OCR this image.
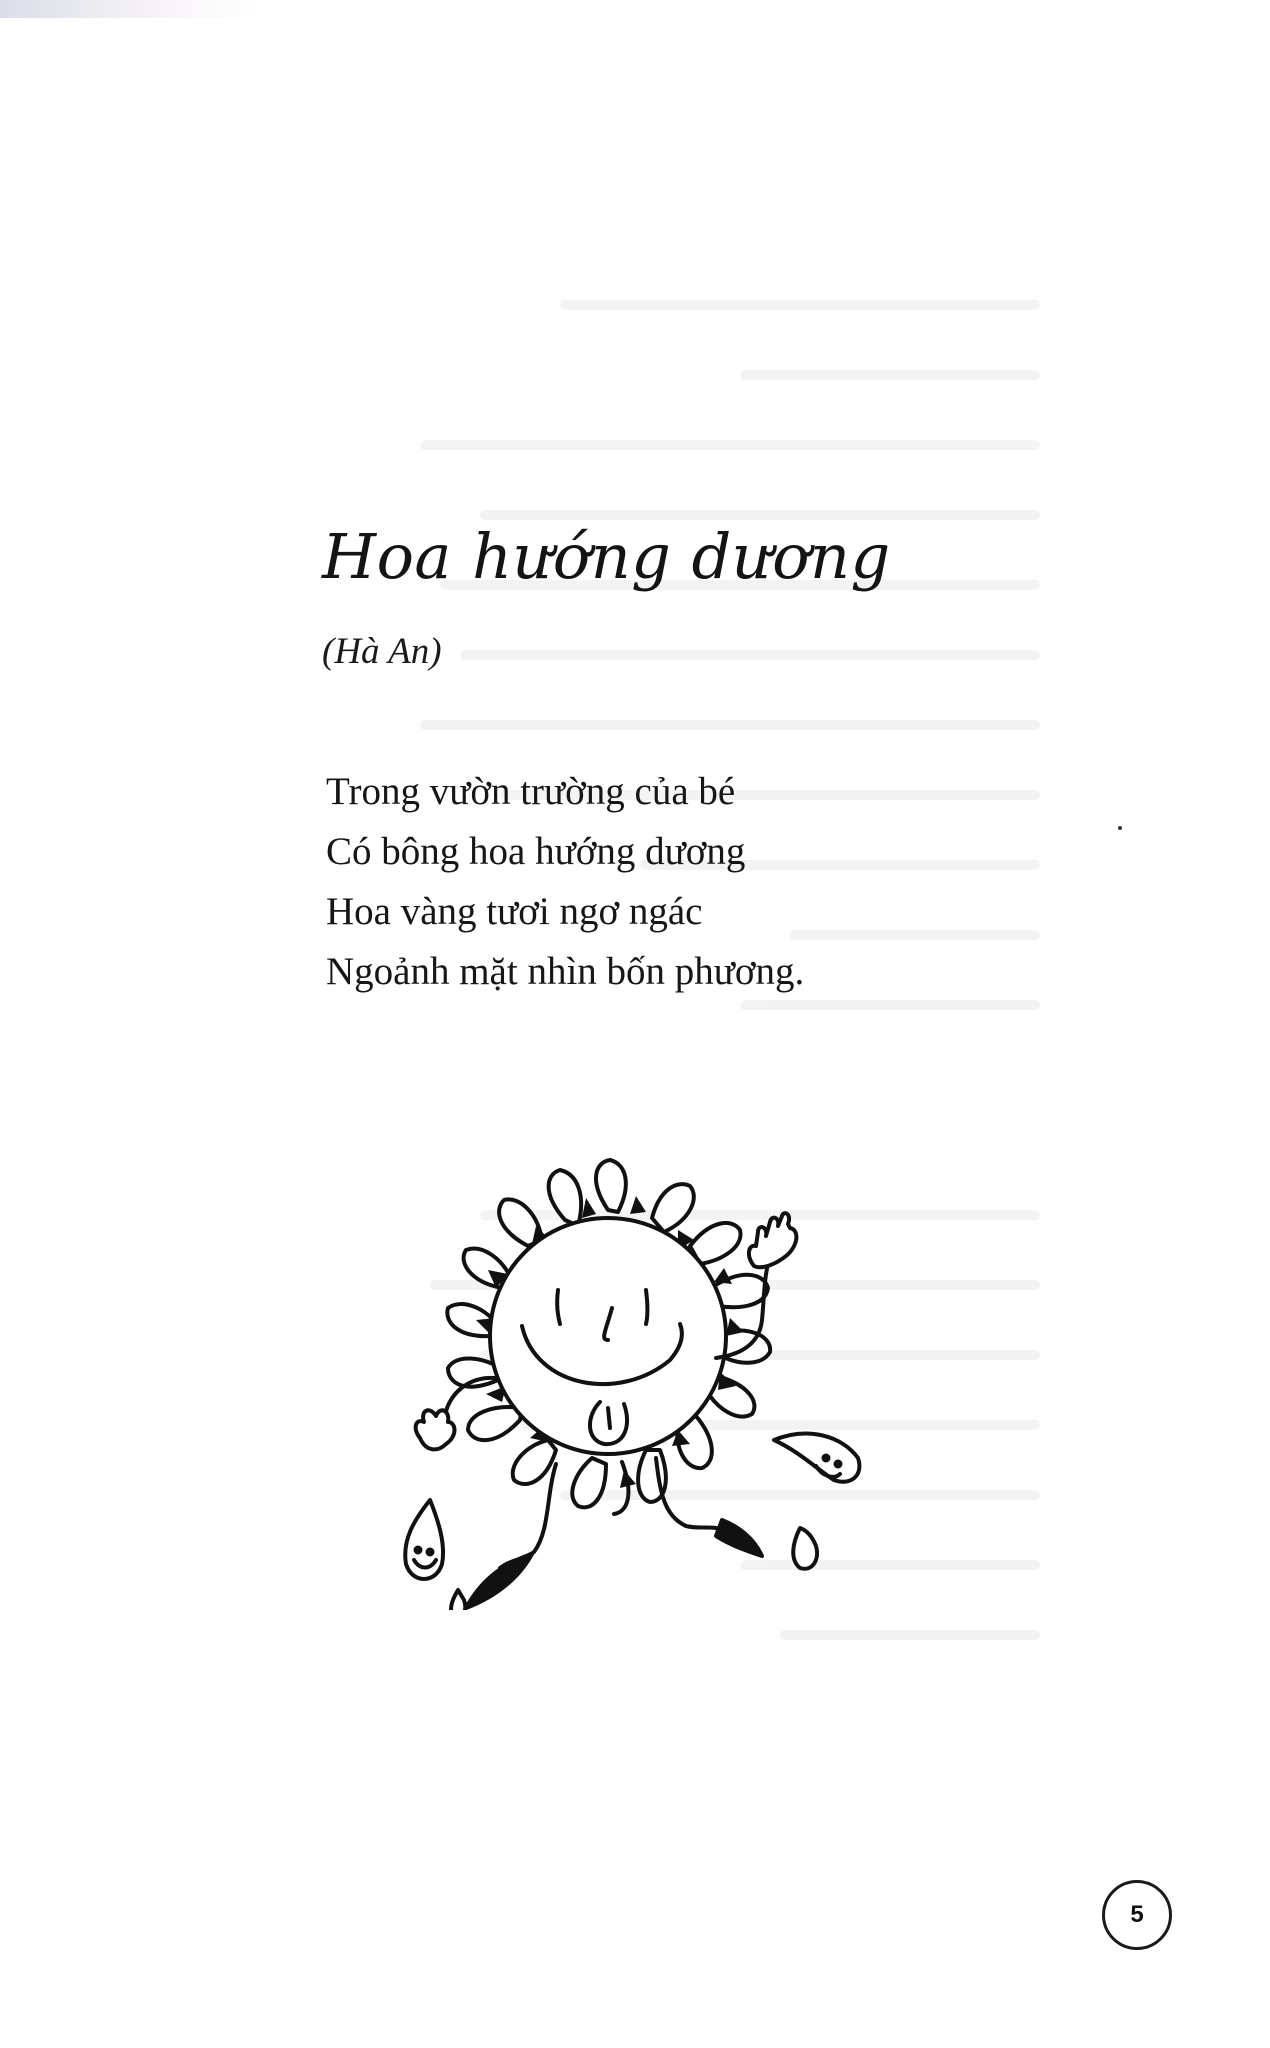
Hoa hướng dương
(Hà An)
Trong vườn trường của bé
Có bông hoa hướng dương
Hoa vàng tươi ngơ ngác
Ngoảnh mặt nhìn bốn phương.
5
